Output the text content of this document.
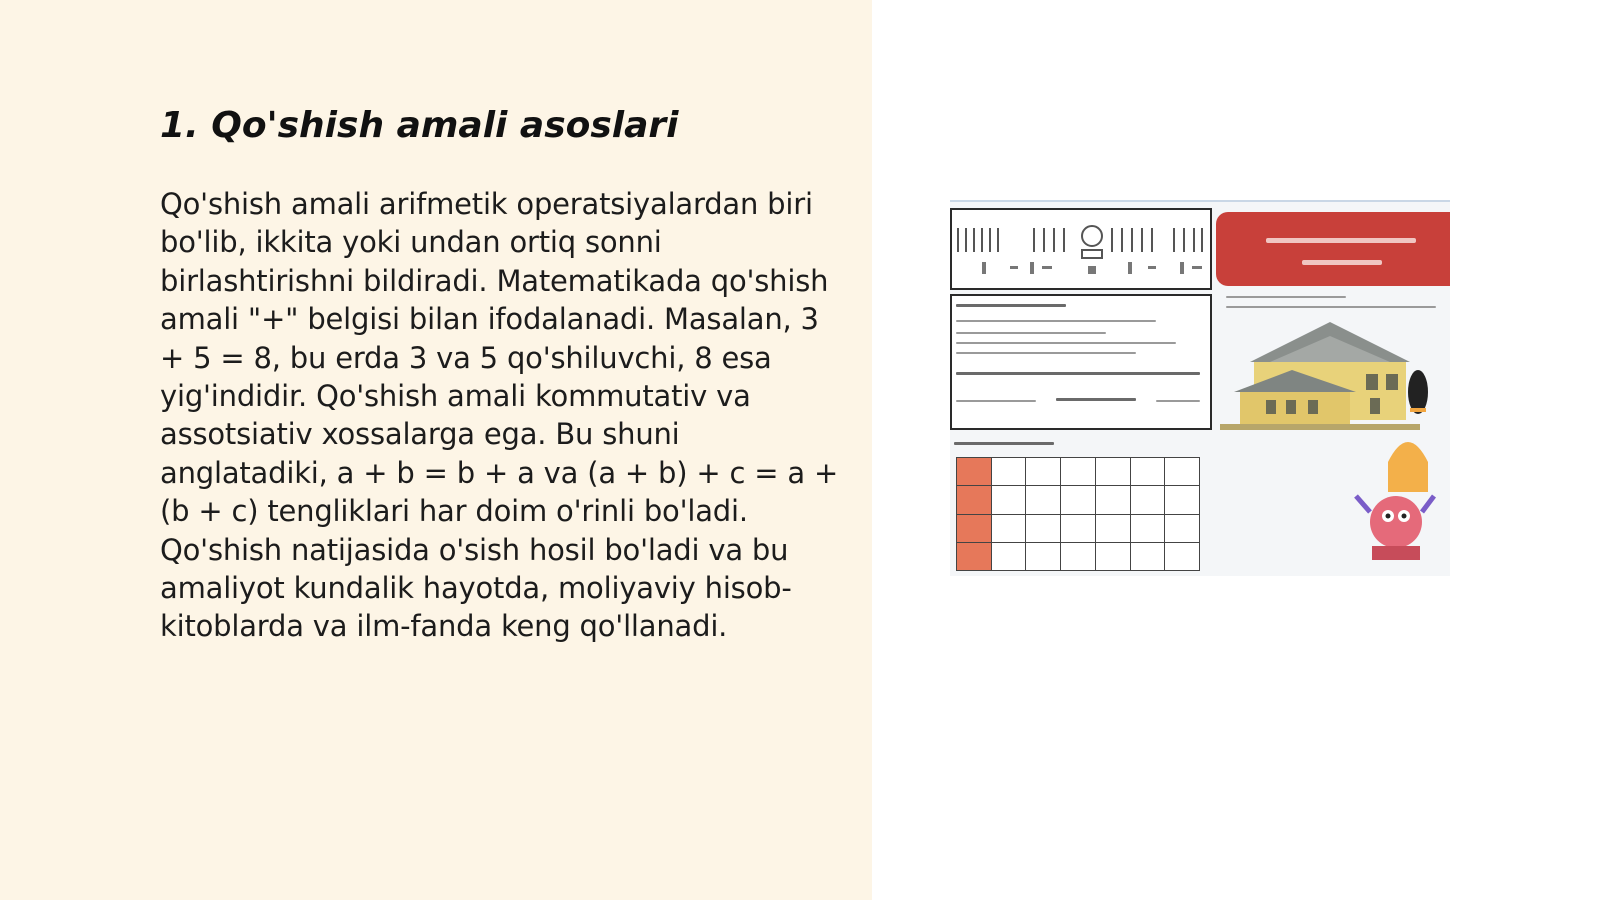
1. Qo'shish amali asoslari

Qo'shish amali arifmetik operatsiyalardan biri bo'lib, ikkita yoki undan ortiq sonni birlashtirishni bildiradi. Matematikada qo'shish amali "+" belgisi bilan ifodalanadi. Masalan, 3 + 5 = 8, bu erda 3 va 5 qo'shiluvchi, 8 esa yig'indidir. Qo'shish amali kommutativ va assotsiativ xossalarga ega. Bu shuni anglatadiki, a + b = b + a va (a + b) + c = a + (b + c) tengliklari har doim o'rinli bo'ladi. Qo'shish natijasida o'sish hosil bo'ladi va bu amaliyot kundalik hayotda, moliyaviy hisob-kitoblarda va ilm-fanda keng qo'llanadi.
